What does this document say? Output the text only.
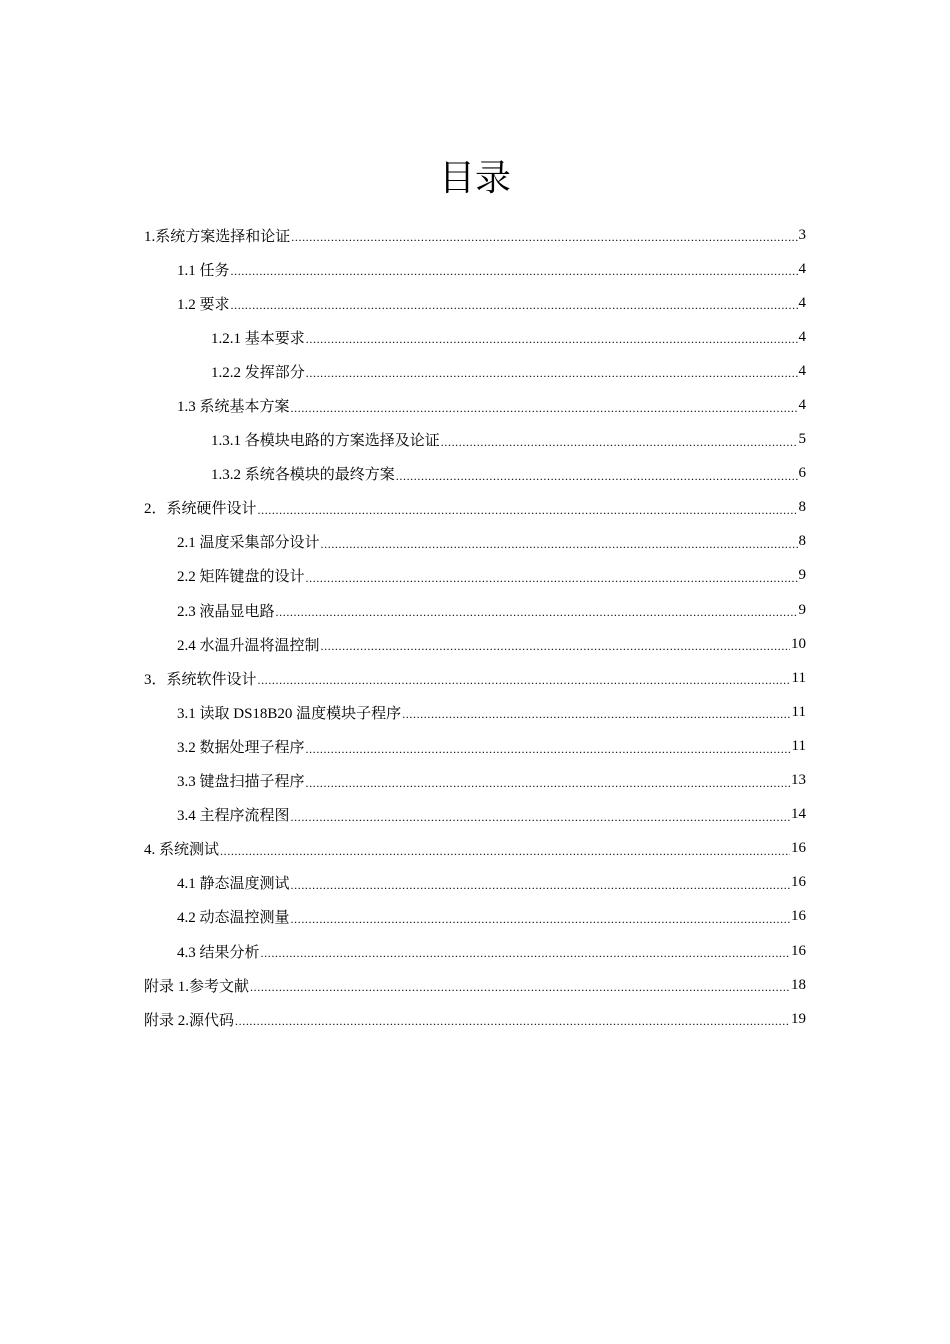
目录
1.系统方案选择和论证 .....	3
1.1 任务 .....	4
1.2 要求 .....	4
1.2.1 基本要求 .....	4
1.2.2 发挥部分 .....	4
1.3 系统基本方案 .....	4
1.3.1 各模块电路的方案选择及论证 .....	5
1.3.2 系统各模块的最终方案 .....	6
2．系统硬件设计 .....	8
2.1 温度采集部分设计 .....	8
2.2 矩阵键盘的设计 .....	9
2.3 液晶显电路 .....	9
2.4 水温升温将温控制 .....	10
3．系统软件设计 .....	11
3.1 读取 DS18B20 温度模块子程序 .....	11
3.2 数据处理子程序 .....	11
3.3 键盘扫描子程序 .....	13
3.4 主程序流程图 .....	14
4. 系统测试 .....	16
4.1 静态温度测试 .....	16
4.2 动态温控测量 .....	16
4.3 结果分析 .....	16
附录 1.参考文献 .....	18
附录 2.源代码 .....	19
